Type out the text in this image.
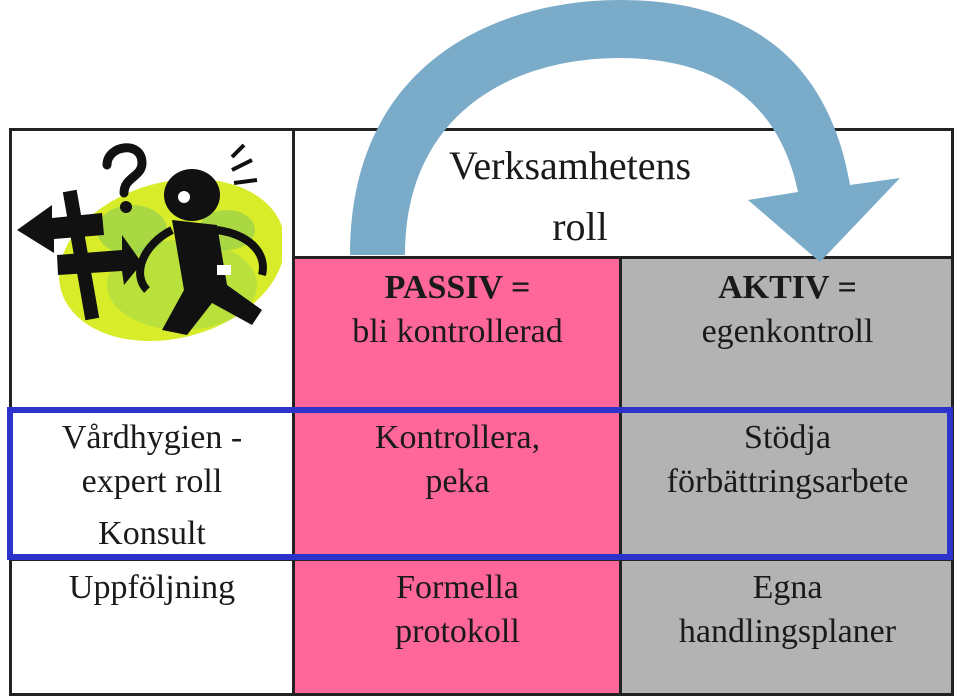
Verksamhetens
roll
PASSIV =
bli kontrollerad
AKTIV =
egenkontroll
Vårdhygien -
expert roll
Konsult
Kontrollera,
peka
Stödja
förbättringsarbete
Uppföljning	Formella
protokoll
Egna
handlingsplaner
